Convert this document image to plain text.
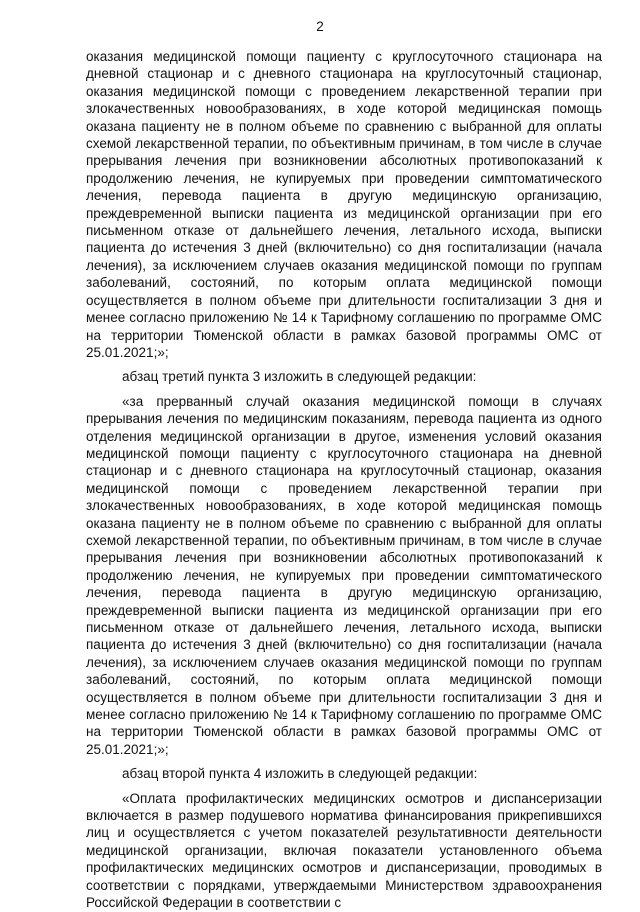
2

оказания медицинской помощи пациенту с круглосуточного стационара на дневной стационар и с дневного стационара на круглосуточный стационар, оказания медицинской помощи с проведением лекарственной терапии при злокачественных новообразованиях, в ходе которой медицинская помощь оказана пациенту не в полном объеме по сравнению с выбранной для оплаты схемой лекарственной терапии, по объективным причинам, в том числе в случае прерывания лечения при возникновении абсолютных противопоказаний к продолжению лечения, не купируемых при проведении симптоматического лечения, перевода пациента в другую медицинскую организацию, преждевременной выписки пациента из медицинской организации при его письменном отказе от дальнейшего лечения, летального исхода, выписки пациента до истечения 3 дней (включительно) со дня госпитализации (начала лечения), за исключением случаев оказания медицинской помощи по группам заболеваний, состояний, по которым оплата медицинской помощи осуществляется в полном объеме при длительности госпитализации 3 дня и менее согласно приложению № 14 к Тарифному соглашению по программе ОМС на территории Тюменской области в рамках базовой программы ОМС от 25.01.2021;»;

абзац третий пункта 3 изложить в следующей редакции:

«за прерванный случай оказания медицинской помощи в случаях прерывания лечения по медицинским показаниям, перевода пациента из одного отделения медицинской организации в другое, изменения условий оказания медицинской помощи пациенту с круглосуточного стационара на дневной стационар и с дневного стационара на круглосуточный стационар, оказания медицинской помощи с проведением лекарственной терапии при злокачественных новообразованиях, в ходе которой медицинская помощь оказана пациенту не в полном объеме по сравнению с выбранной для оплаты схемой лекарственной терапии, по объективным причинам, в том числе в случае прерывания лечения при возникновении абсолютных противопоказаний к продолжению лечения, не купируемых при проведении симптоматического лечения, перевода пациента в другую медицинскую организацию, преждевременной выписки пациента из медицинской организации при его письменном отказе от дальнейшего лечения, летального исхода, выписки пациента до истечения 3 дней (включительно) со дня госпитализации (начала лечения), за исключением случаев оказания медицинской помощи по группам заболеваний, состояний, по которым оплата медицинской помощи осуществляется в полном объеме при длительности госпитализации 3 дня и менее согласно приложению № 14 к Тарифному соглашению по программе ОМС на территории Тюменской области в рамках базовой программы ОМС от 25.01.2021;»;

абзац второй пункта 4 изложить в следующей редакции:

«Оплата профилактических медицинских осмотров и диспансеризации включается в размер подушевого норматива финансирования прикрепившихся лиц и осуществляется с учетом показателей результативности деятельности медицинской организации, включая показатели установленного объема профилактических медицинских осмотров и диспансеризации, проводимых в соответствии с порядками, утверждаемыми Министерством здравоохранения Российской Федерации в соответствии с
